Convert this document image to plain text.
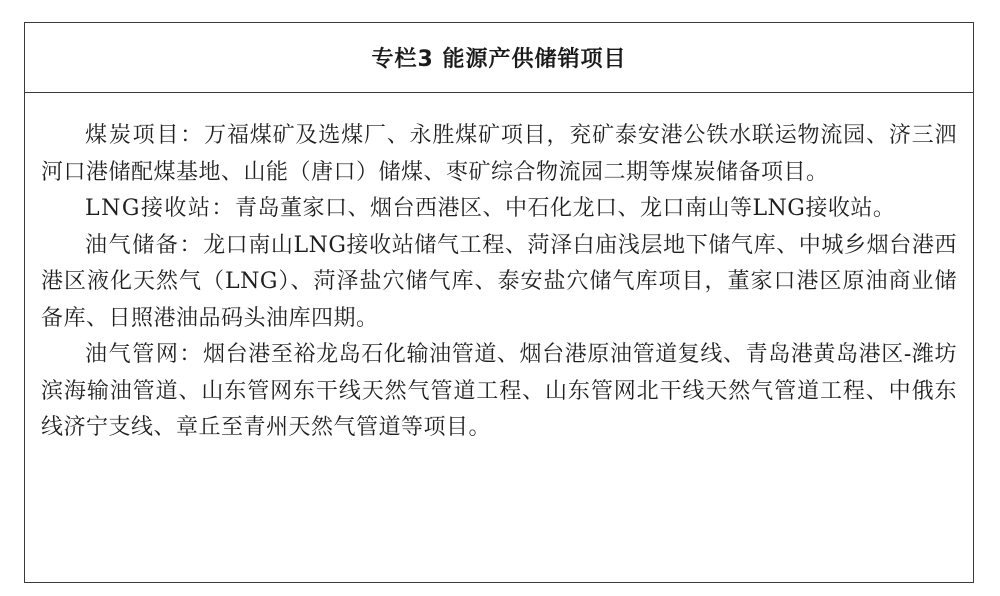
专栏3 能源产供储销项目

煤炭项目：万福煤矿及选煤厂、永胜煤矿项目，兖矿泰安港公铁水联运物流园、济三泗河口港储配煤基地、山能（唐口）储煤、枣矿综合物流园二期等煤炭储备项目。

LNG接收站：青岛董家口、烟台西港区、中石化龙口、龙口南山等LNG接收站。

油气储备：龙口南山LNG接收站储气工程、菏泽白庙浅层地下储气库、中城乡烟台港西港区液化天然气（LNG）、菏泽盐穴储气库、泰安盐穴储气库项目，董家口港区原油商业储备库、日照港油品码头油库四期。

油气管网：烟台港至裕龙岛石化输油管道、烟台港原油管道复线、青岛港黄岛港区-潍坊滨海输油管道、山东管网东干线天然气管道工程、山东管网北干线天然气管道工程、中俄东线济宁支线、章丘至青州天然气管道等项目。
